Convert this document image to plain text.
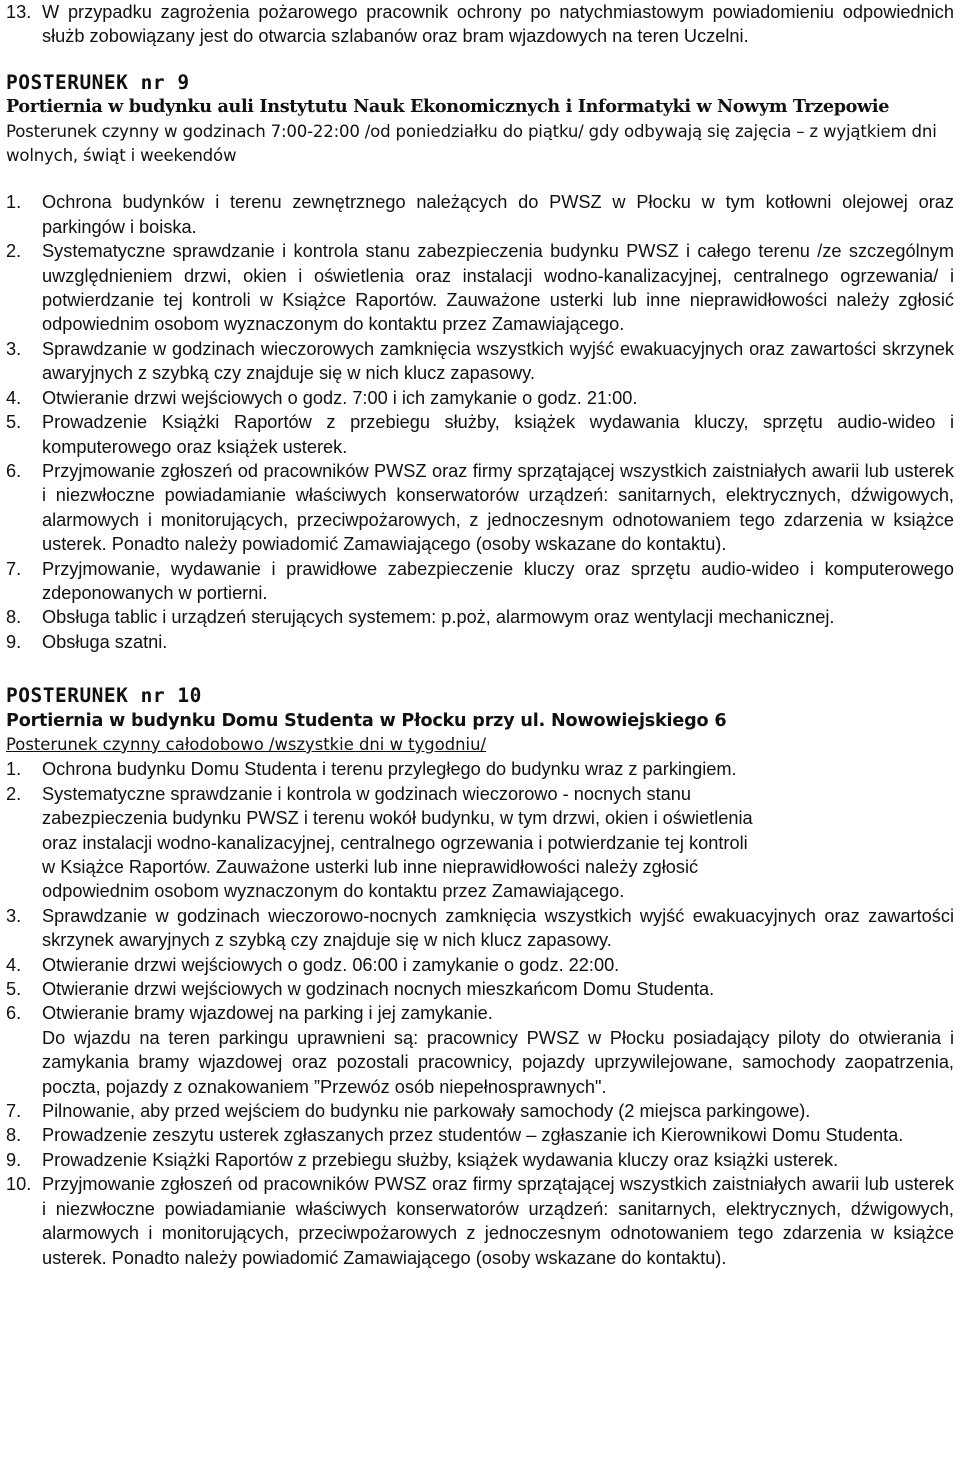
13. W przypadku zagrożenia pożarowego pracownik ochrony po natychmiastowym powiadomieniu odpowiednich służb zobowiązany jest do otwarcia szlabanów oraz bram wjazdowych na teren Uczelni.
POSTERUNEK nr 9
Portiernia w budynku auli Instytutu Nauk Ekonomicznych i Informatyki w Nowym Trzepowie
Posterunek czynny w godzinach 7:00-22:00 /od poniedziałku do piątku/ gdy odbywają się zajęcia – z wyjątkiem dni wolnych, świąt i weekendów
1.	Ochrona budynków i terenu zewnętrznego należących do PWSZ w Płocku w tym kotłowni olejowej oraz parkingów i boiska.
2.	Systematyczne sprawdzanie i kontrola stanu zabezpieczenia budynku PWSZ i całego terenu /ze szczególnym uwzględnieniem drzwi, okien i oświetlenia oraz instalacji wodno-kanalizacyjnej, centralnego ogrzewania/ i potwierdzanie tej kontroli w Książce Raportów. Zauważone usterki lub inne nieprawidłowości należy zgłosić odpowiednim osobom wyznaczonym do kontaktu przez Zamawiającego.
3.	Sprawdzanie w godzinach wieczorowych zamknięcia wszystkich wyjść ewakuacyjnych oraz zawartości skrzynek awaryjnych z szybką czy znajduje się w nich klucz zapasowy.
4.	Otwieranie drzwi wejściowych o godz. 7:00 i ich zamykanie o godz. 21:00.
5.	Prowadzenie Książki Raportów z przebiegu służby, książek wydawania kluczy, sprzętu audio-wideo i komputerowego oraz książek usterek.
6.	Przyjmowanie zgłoszeń od pracowników PWSZ oraz firmy sprzątającej wszystkich zaistniałych awarii lub usterek i niezwłoczne powiadamianie właściwych konserwatorów urządzeń: sanitarnych, elektrycznych, dźwigowych, alarmowych i monitorujących, przeciwpożarowych, z jednoczesnym odnotowaniem tego zdarzenia w książce usterek. Ponadto należy powiadomić Zamawiającego (osoby wskazane do kontaktu).
7.	Przyjmowanie, wydawanie i prawidłowe zabezpieczenie kluczy oraz sprzętu audio-wideo i komputerowego zdeponowanych w portierni.
8.	Obsługa tablic i urządzeń sterujących systemem: p.poż, alarmowym oraz wentylacji mechanicznej.
9.	Obsługa szatni.
POSTERUNEK nr 10
Portiernia w budynku Domu Studenta w Płocku przy ul. Nowowiejskiego 6
Posterunek czynny całodobowo /wszystkie dni w tygodniu/
1.	Ochrona budynku Domu Studenta i terenu przyległego do budynku wraz z parkingiem.
2.	Systematyczne sprawdzanie i kontrola w godzinach wieczorowo - nocnych stanu
zabezpieczenia budynku PWSZ i terenu wokół budynku, w tym drzwi, okien i oświetlenia
oraz instalacji wodno-kanalizacyjnej, centralnego ogrzewania i potwierdzanie tej kontroli
w Książce Raportów. Zauważone usterki lub inne nieprawidłowości należy zgłosić
odpowiednim osobom wyznaczonym do kontaktu przez Zamawiającego.
3.	Sprawdzanie w godzinach wieczorowo-nocnych zamknięcia wszystkich wyjść ewakuacyjnych oraz zawartości skrzynek awaryjnych z szybką czy znajduje się w nich klucz zapasowy.
4.	Otwieranie drzwi wejściowych o godz. 06:00 i zamykanie o godz. 22:00.
5.	Otwieranie drzwi wejściowych w godzinach nocnych mieszkańcom Domu Studenta.
6.	Otwieranie bramy wjazdowej na parking i jej zamykanie.
Do wjazdu na teren parkingu uprawnieni są: pracownicy PWSZ w Płocku posiadający piloty do otwierania i zamykania bramy wjazdowej oraz pozostali pracownicy, pojazdy uprzywilejowane, samochody zaopatrzenia, poczta, pojazdy z oznakowaniem ”Przewóz osób niepełnosprawnych".
7.	Pilnowanie, aby przed wejściem do budynku nie parkowały samochody (2 miejsca parkingowe).
8.	Prowadzenie zeszytu usterek zgłaszanych przez studentów – zgłaszanie ich Kierownikowi Domu Studenta.
9.	Prowadzenie Książki Raportów z przebiegu służby, książek wydawania kluczy oraz książki usterek.
10. Przyjmowanie zgłoszeń od pracowników PWSZ oraz firmy sprzątającej wszystkich zaistniałych awarii lub usterek i niezwłoczne powiadamianie właściwych konserwatorów urządzeń: sanitarnych, elektrycznych, dźwigowych, alarmowych i monitorujących, przeciwpożarowych z jednoczesnym odnotowaniem tego zdarzenia w książce usterek. Ponadto należy powiadomić Zamawiającego (osoby wskazane do kontaktu).
